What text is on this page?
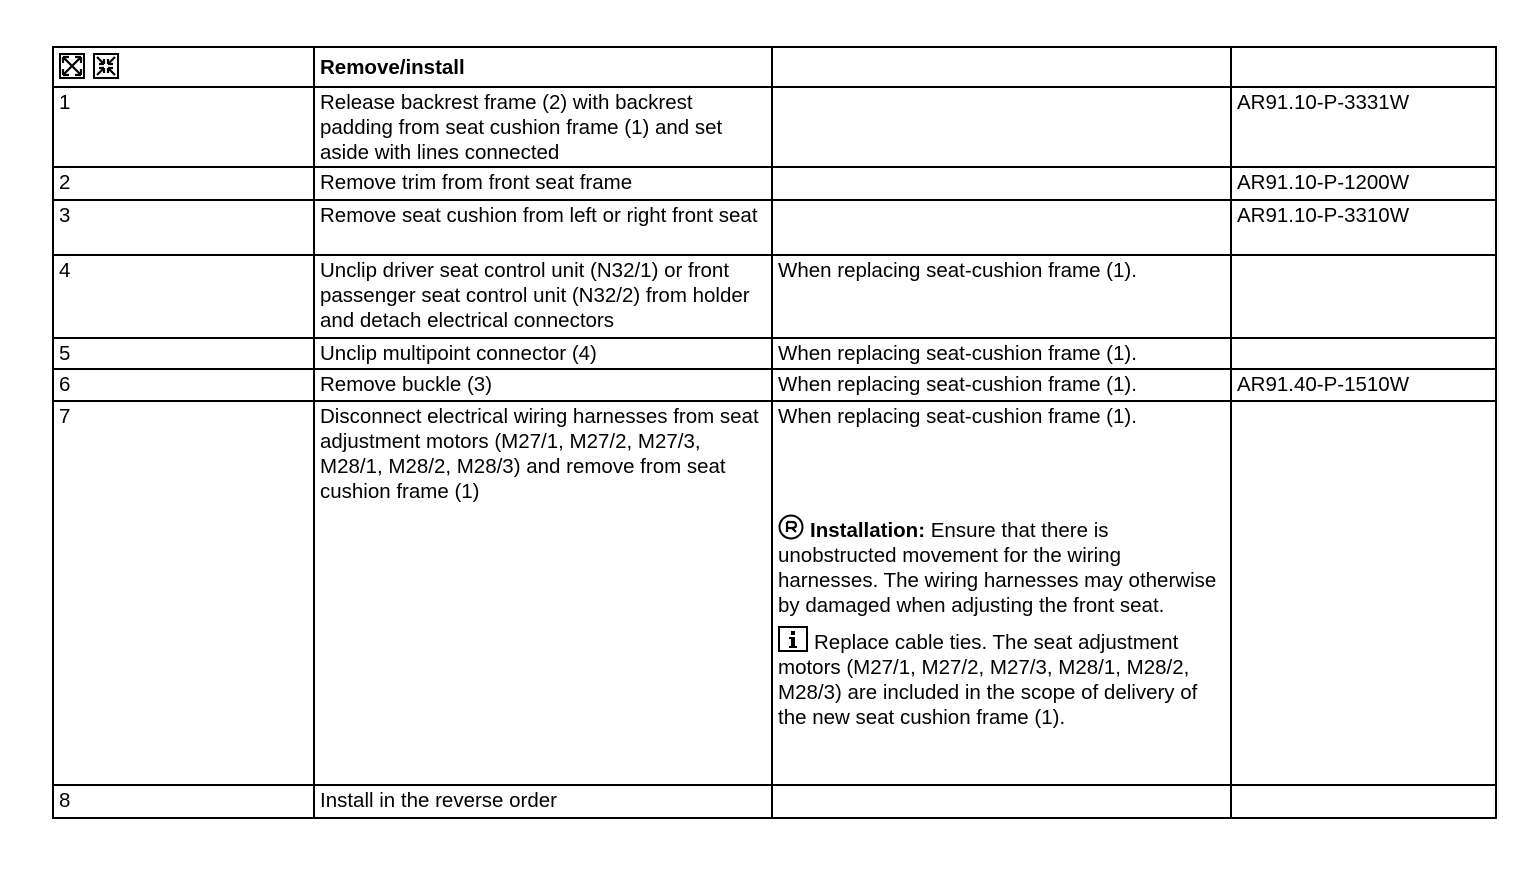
Remove/install		

1	Release backrest frame (2) with backrest padding from seat cushion frame (1) and set aside with lines connected		AR91.10-P-3331W
2	Remove trim from front seat frame		AR91.10-P-1200W
3	Remove seat cushion from left or right front seat		AR91.10-P-3310W
4	Unclip driver seat control unit (N32/1) or front passenger seat control unit (N32/2) from holder and detach electrical connectors	When replacing seat-cushion frame (1).	
5	Unclip multipoint connector (4)	When replacing seat-cushion frame (1).	
6	Remove buckle (3)	When replacing seat-cushion frame (1).	AR91.40-P-1510W
7	Disconnect electrical wiring harnesses from seat adjustment motors (M27/1, M27/2, M27/3, M28/1, M28/2, M28/3) and remove from seat cushion frame (1)	When replacing seat-cushion frame (1).
Installation: Ensure that there is unobstructed movement for the wiring harnesses. The wiring harnesses may otherwise by damaged when adjusting the front seat.
Replace cable ties. The seat adjustment motors (M27/1, M27/2, M27/3, M28/1, M28/2, M28/3) are included in the scope of delivery of the new seat cushion frame (1).	

8	Install in the reverse order		
